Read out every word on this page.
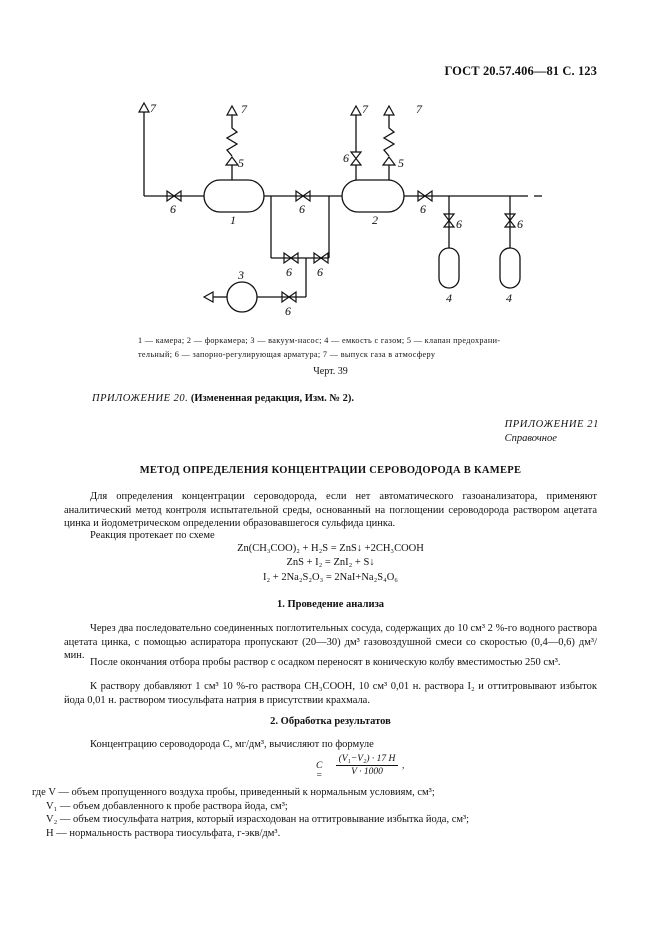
ГОСТ 20.57.406—81 С. 123
7	7	7	7
5	5
6
6	6	6
6	6
6 6
6
1	2
3
4	4
1 — камера; 2 — форкамера; 3 — вакуум-насос; 4 — емкость с газом; 5 — клапан предохрани-
тельный; 6 — запорно-регулирующая арматура; 7 — выпуск газа в атмосферу
Черт. 39
ПРИЛОЖЕНИЕ 20. (Измененная редакция, Изм. № 2).
ПРИЛОЖЕНИЕ 21
Справочное
МЕТОД ОПРЕДЕЛЕНИЯ КОНЦЕНТРАЦИИ СЕРОВОДОРОДА В КАМЕРЕ

Для определения концентрации сероводорода, если нет автоматического газоанализатора, применяют аналитический метод контроля испытательной среды, основанный на поглощении сероводорода раствором ацетата цинка и йодометрическом определении образовавшегося сульфида цинка.

Реакция протекает по схеме

Zn(CH₃COO)₂ + H₂S = ZnS↓ +2CH₃COOH
ZnS + I₂ = ZnI₂ + S↓
I₂ + 2Na₂S₂O₃ = 2NaI+Na₂S₄O₆
1. Проведение анализа

Через два последовательно соединенных поглотительных сосуда, содержащих до 10 см³ 2 %-го водного раствора ацетата цинка, с помощью аспиратора пропускают (20—30) дм³ газовоздушной смеси со скоростью (0,4—0,6) дм³/мин.

После окончания отбора пробы раствор с осадком переносят в коническую колбу вместимостью 250 см³.

К раствору добавляют 1 см³ 10 %-го раствора CH₃COOH, 10 см³ 0,01 н. раствора I₂ и оттитровывают избыток йода 0,01 н. раствором тиосульфата натрия в присутствии крахмала.

2. Обработка результатов

Концентрацию сероводорода C, мг/дм³, вычисляют по формуле

$C = \frac{\text{(V₁−V₂) · 17 H}}{V \cdot 1000}$ ,
где V — объем пропущенного воздуха пробы, приведенный к нормальным условиям, см³;
V₁ — объем добавленного к пробе раствора йода, см³;
V₂ — объем тиосульфата натрия, который израсходован на оттитровывание избытка йода, см³;
H — нормальность раствора тиосульфата, г-экв/дм³.
